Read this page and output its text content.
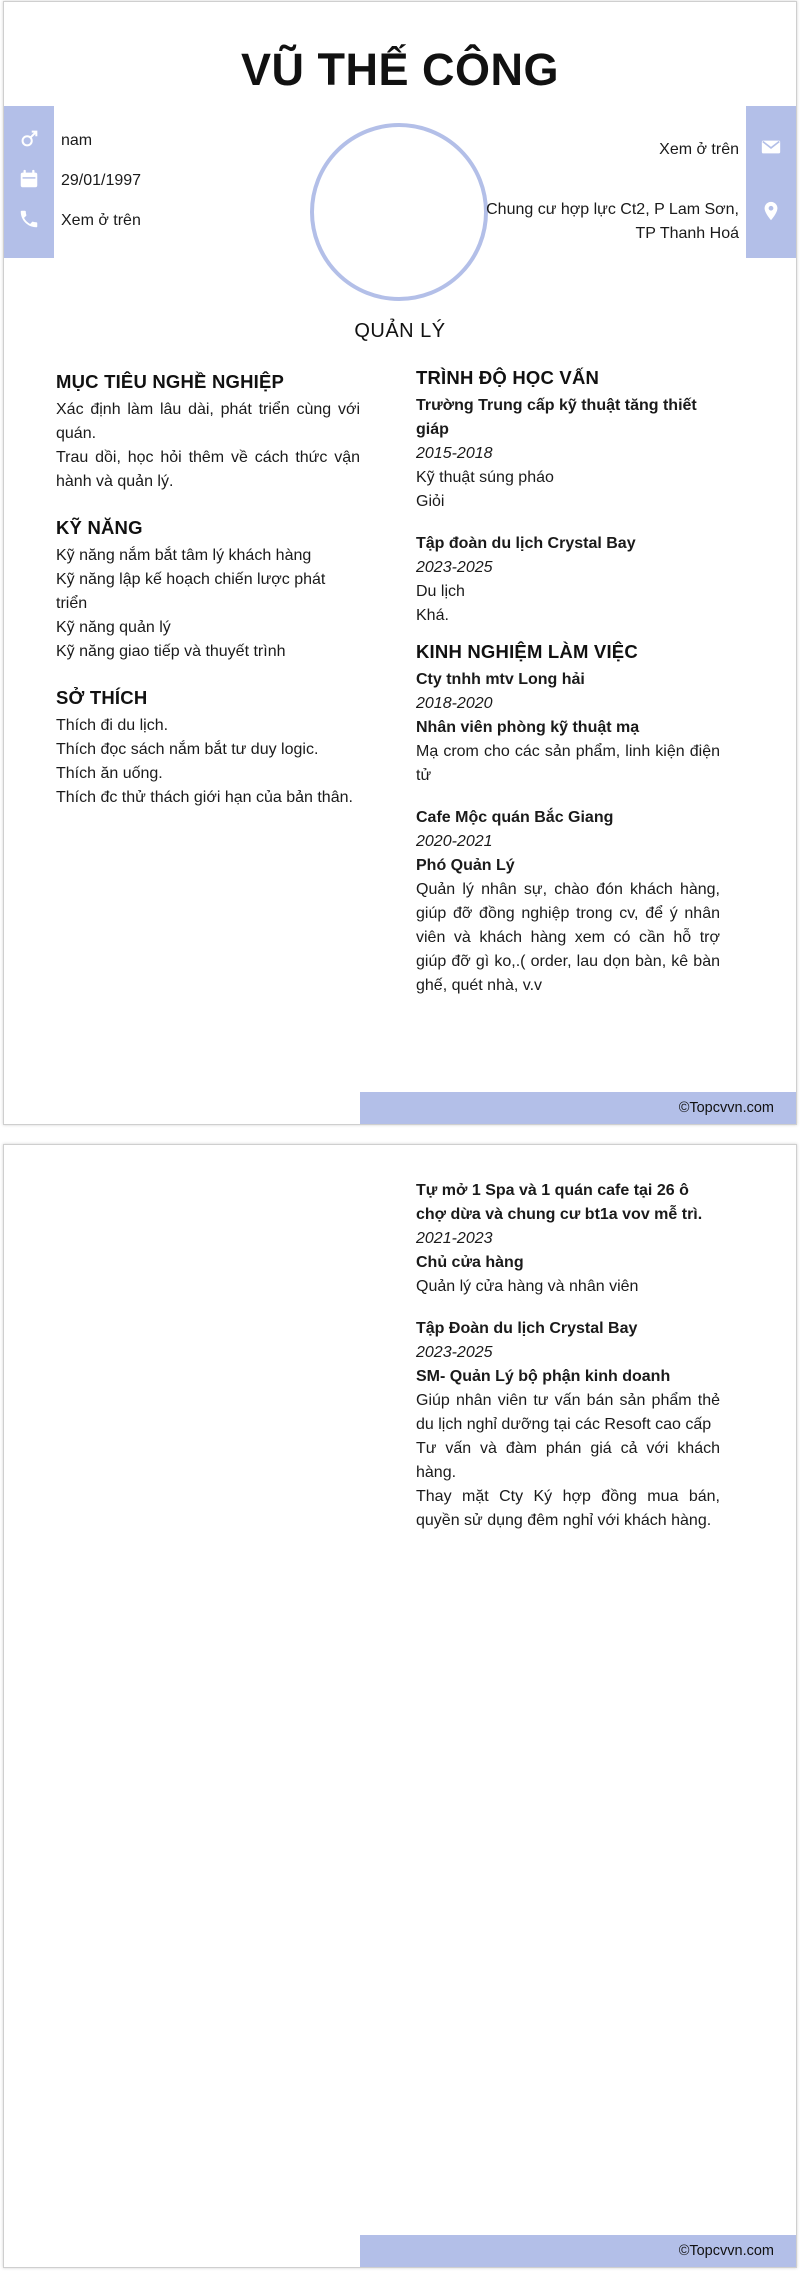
VŨ THẾ CÔNG
nam
29/01/1997
Xem ở trên
Xem ở trên
Chung cư hợp lực Ct2, P Lam Sơn,
TP Thanh Hoá
QUẢN LÝ
MỤC TIÊU NGHỀ NGHIỆP
Xác định làm lâu dài, phát triển cùng với quán.
Trau dồi, học hỏi thêm về cách thức vận hành và quản lý.
KỸ NĂNG
Kỹ năng nắm bắt tâm lý khách hàng
Kỹ năng lập kế hoạch chiến lược phát triển
Kỹ năng quản lý
Kỹ năng giao tiếp và thuyết trình
SỞ THÍCH
Thích đi du lịch.
Thích đọc sách nắm bắt tư duy logic.
Thích ăn uống.
Thích đc thử thách giới hạn của bản thân.
TRÌNH ĐỘ HỌC VẤN
Trường Trung cấp kỹ thuật tăng thiết giáp
2015-2018
Kỹ thuật súng pháo
Giỏi
Tập đoàn du lịch Crystal Bay
2023-2025
Du lịch
Khá.
KINH NGHIỆM LÀM VIỆC
Cty tnhh mtv Long hải
2018-2020
Nhân viên phòng kỹ thuật mạ
Mạ crom cho các sản phẩm, linh kiện điện tử
Cafe Mộc quán Bắc Giang
2020-2021
Phó Quản Lý
Quản lý nhân sự, chào đón khách hàng, giúp đỡ đồng nghiệp trong cv, để ý nhân viên và khách hàng xem có cần hỗ trợ giúp đỡ gì ko,.( order, lau dọn bàn, kê bàn ghế, quét nhà, v.v
©Topcvvn.com
Tự mở 1 Spa và 1 quán cafe tại 26 ô chợ dừa và chung cư bt1a vov mễ trì.
2021-2023
Chủ cửa hàng
Quản lý cửa hàng và nhân viên
Tập Đoàn du lịch Crystal Bay
2023-2025
SM- Quản Lý bộ phận kinh doanh
Giúp nhân viên tư vấn bán sản phẩm thẻ du lịch nghỉ dưỡng tại các Resoft cao cấp
Tư vấn và đàm phán giá cả với khách hàng.
Thay mặt Cty Ký hợp đồng mua bán, quyền sử dụng đêm nghỉ với khách hàng.
©Topcvvn.com
